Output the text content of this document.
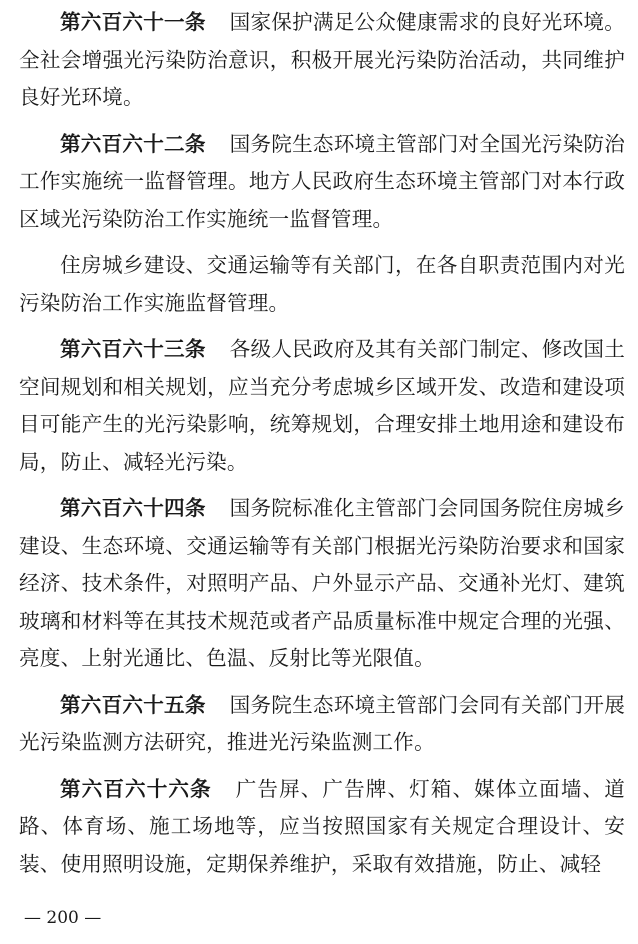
第六百六十一条 国家保护满足公众健康需求的良好光环境。全社会增强光污染防治意识，积极开展光污染防治活动，共同维护良好光环境。

第六百六十二条 国务院生态环境主管部门对全国光污染防治工作实施统一监督管理。地方人民政府生态环境主管部门对本行政区域光污染防治工作实施统一监督管理。

住房城乡建设、交通运输等有关部门，在各自职责范围内对光污染防治工作实施监督管理。

第六百六十三条 各级人民政府及其有关部门制定、修改国土空间规划和相关规划，应当充分考虑城乡区域开发、改造和建设项目可能产生的光污染影响，统筹规划，合理安排土地用途和建设布局，防止、减轻光污染。

第六百六十四条 国务院标准化主管部门会同国务院住房城乡建设、生态环境、交通运输等有关部门根据光污染防治要求和国家经济、技术条件，对照明产品、户外显示产品、交通补光灯、建筑玻璃和材料等在其技术规范或者产品质量标准中规定合理的光强、亮度、上射光通比、色温、反射比等光限值。

第六百六十五条 国务院生态环境主管部门会同有关部门开展光污染监测方法研究，推进光污染监测工作。

第六百六十六条 广告屏、广告牌、灯箱、媒体立面墙、道路、体育场、施工场地等，应当按照国家有关规定合理设计、安装、使用照明设施，定期保养维护，采取有效措施，防止、减轻

— 200 —
